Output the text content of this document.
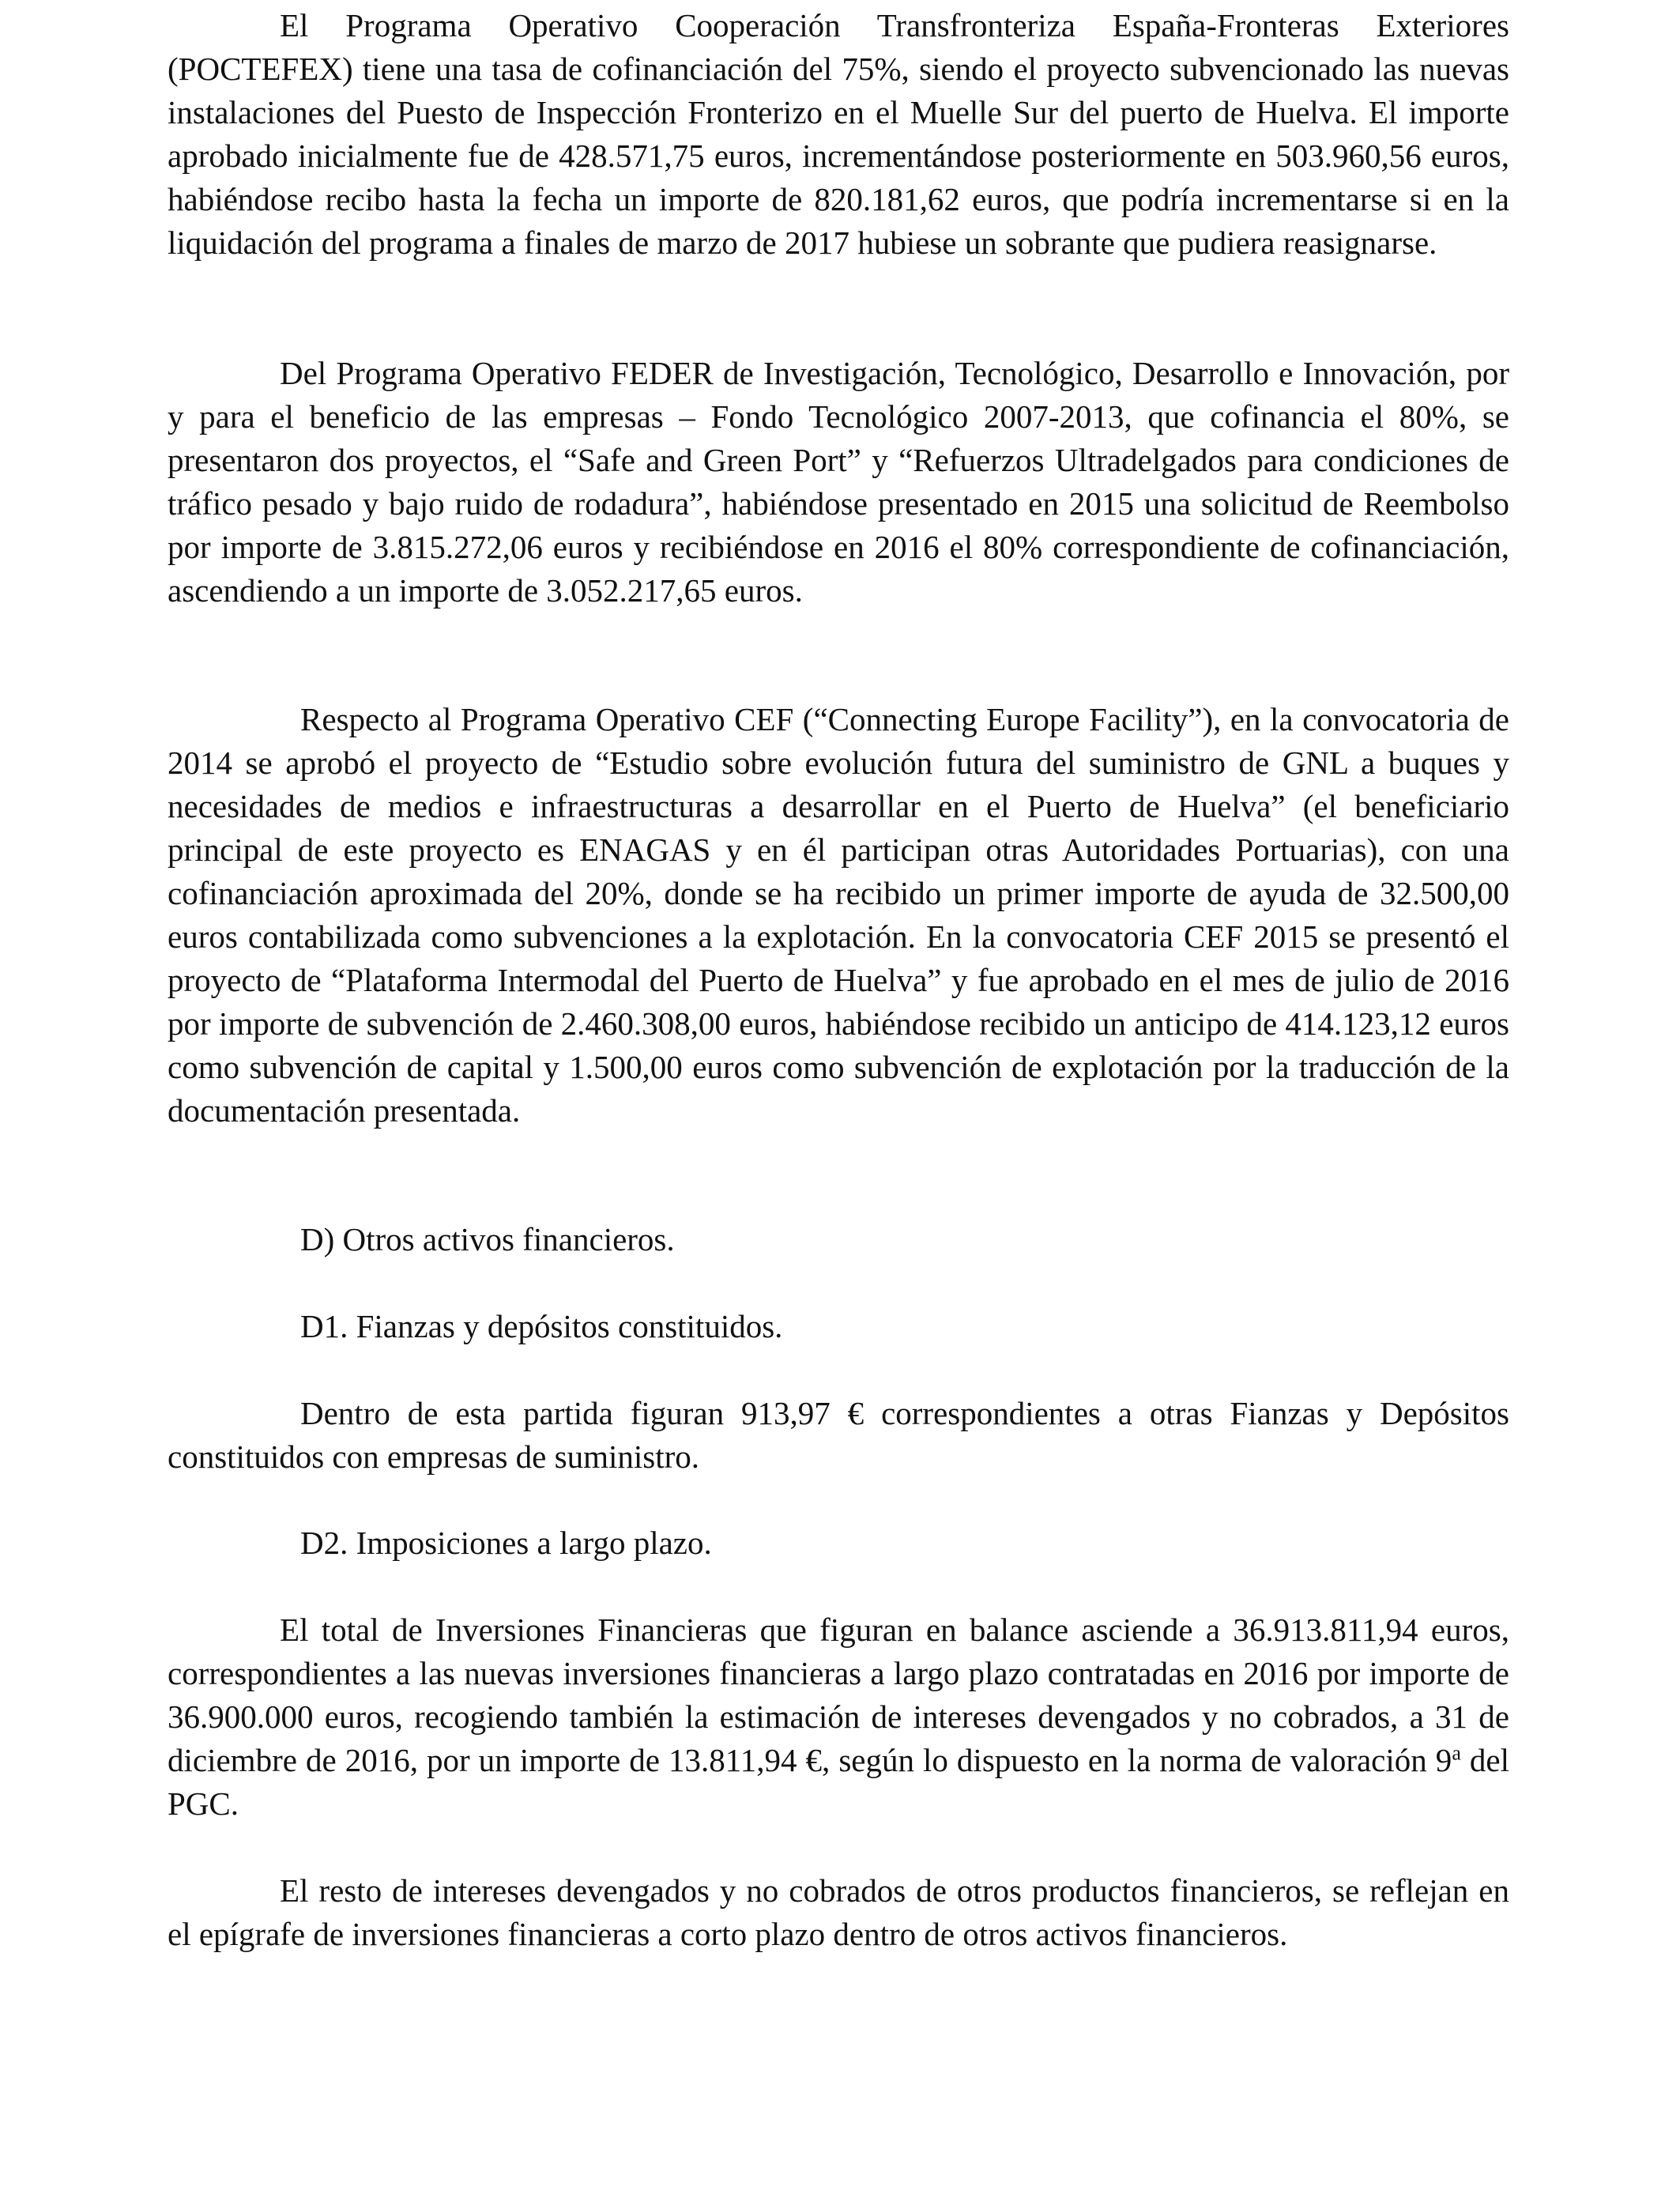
El Programa Operativo Cooperación Transfronteriza España-Fronteras Exteriores (POCTEFEX) tiene una tasa de cofinanciación del 75%, siendo el proyecto subvencionado las nuevas instalaciones del Puesto de Inspección Fronterizo en el Muelle Sur del puerto de Huelva. El importe aprobado inicialmente fue de 428.571,75 euros, incrementándose posteriormente en 503.960,56 euros, habiéndose recibo hasta la fecha un importe de 820.181,62 euros, que podría incrementarse si en la liquidación del programa a finales de marzo de 2017 hubiese un sobrante que pudiera reasignarse.

Del Programa Operativo FEDER de Investigación, Tecnológico, Desarrollo e Innovación, por y para el beneficio de las empresas – Fondo Tecnológico 2007-2013, que cofinancia el 80%, se presentaron dos proyectos, el “Safe and Green Port” y “Refuerzos Ultradelgados para condiciones de tráfico pesado y bajo ruido de rodadura”, habiéndose presentado en 2015 una solicitud de Reembolso por importe de 3.815.272,06 euros y recibiéndose en 2016 el 80% correspondiente de cofinanciación, ascendiendo a un importe de 3.052.217,65 euros.

Respecto al Programa Operativo CEF (“Connecting Europe Facility”), en la convocatoria de 2014 se aprobó el proyecto de “Estudio sobre evolución futura del suministro de GNL a buques y necesidades de medios e infraestructuras a desarrollar en el Puerto de Huelva” (el beneficiario principal de este proyecto es ENAGAS y en él participan otras Autoridades Portuarias), con una cofinanciación aproximada del 20%, donde se ha recibido un primer importe de ayuda de 32.500,00 euros contabilizada como subvenciones a la explotación. En la convocatoria CEF 2015 se presentó el proyecto de “Plataforma Intermodal del Puerto de Huelva” y fue aprobado en el mes de julio de 2016 por importe de subvención de 2.460.308,00 euros, habiéndose recibido un anticipo de 414.123,12 euros como subvención de capital y 1.500,00 euros como subvención de explotación por la traducción de la documentación presentada.

D) Otros activos financieros.

D1. Fianzas y depósitos constituidos.

Dentro de esta partida figuran 913,97 € correspondientes a otras Fianzas y Depósitos constituidos con empresas de suministro.

D2. Imposiciones a largo plazo.

El total de Inversiones Financieras que figuran en balance asciende a 36.913.811,94 euros, correspondientes a las nuevas inversiones financieras a largo plazo contratadas en 2016 por importe de 36.900.000 euros, recogiendo también la estimación de intereses devengados y no cobrados, a 31 de diciembre de 2016, por un importe de 13.811,94 €, según lo dispuesto en la norma de valoración 9$^a$ del PGC.

El resto de intereses devengados y no cobrados de otros productos financieros, se reflejan en el epígrafe de inversiones financieras a corto plazo dentro de otros activos financieros.
